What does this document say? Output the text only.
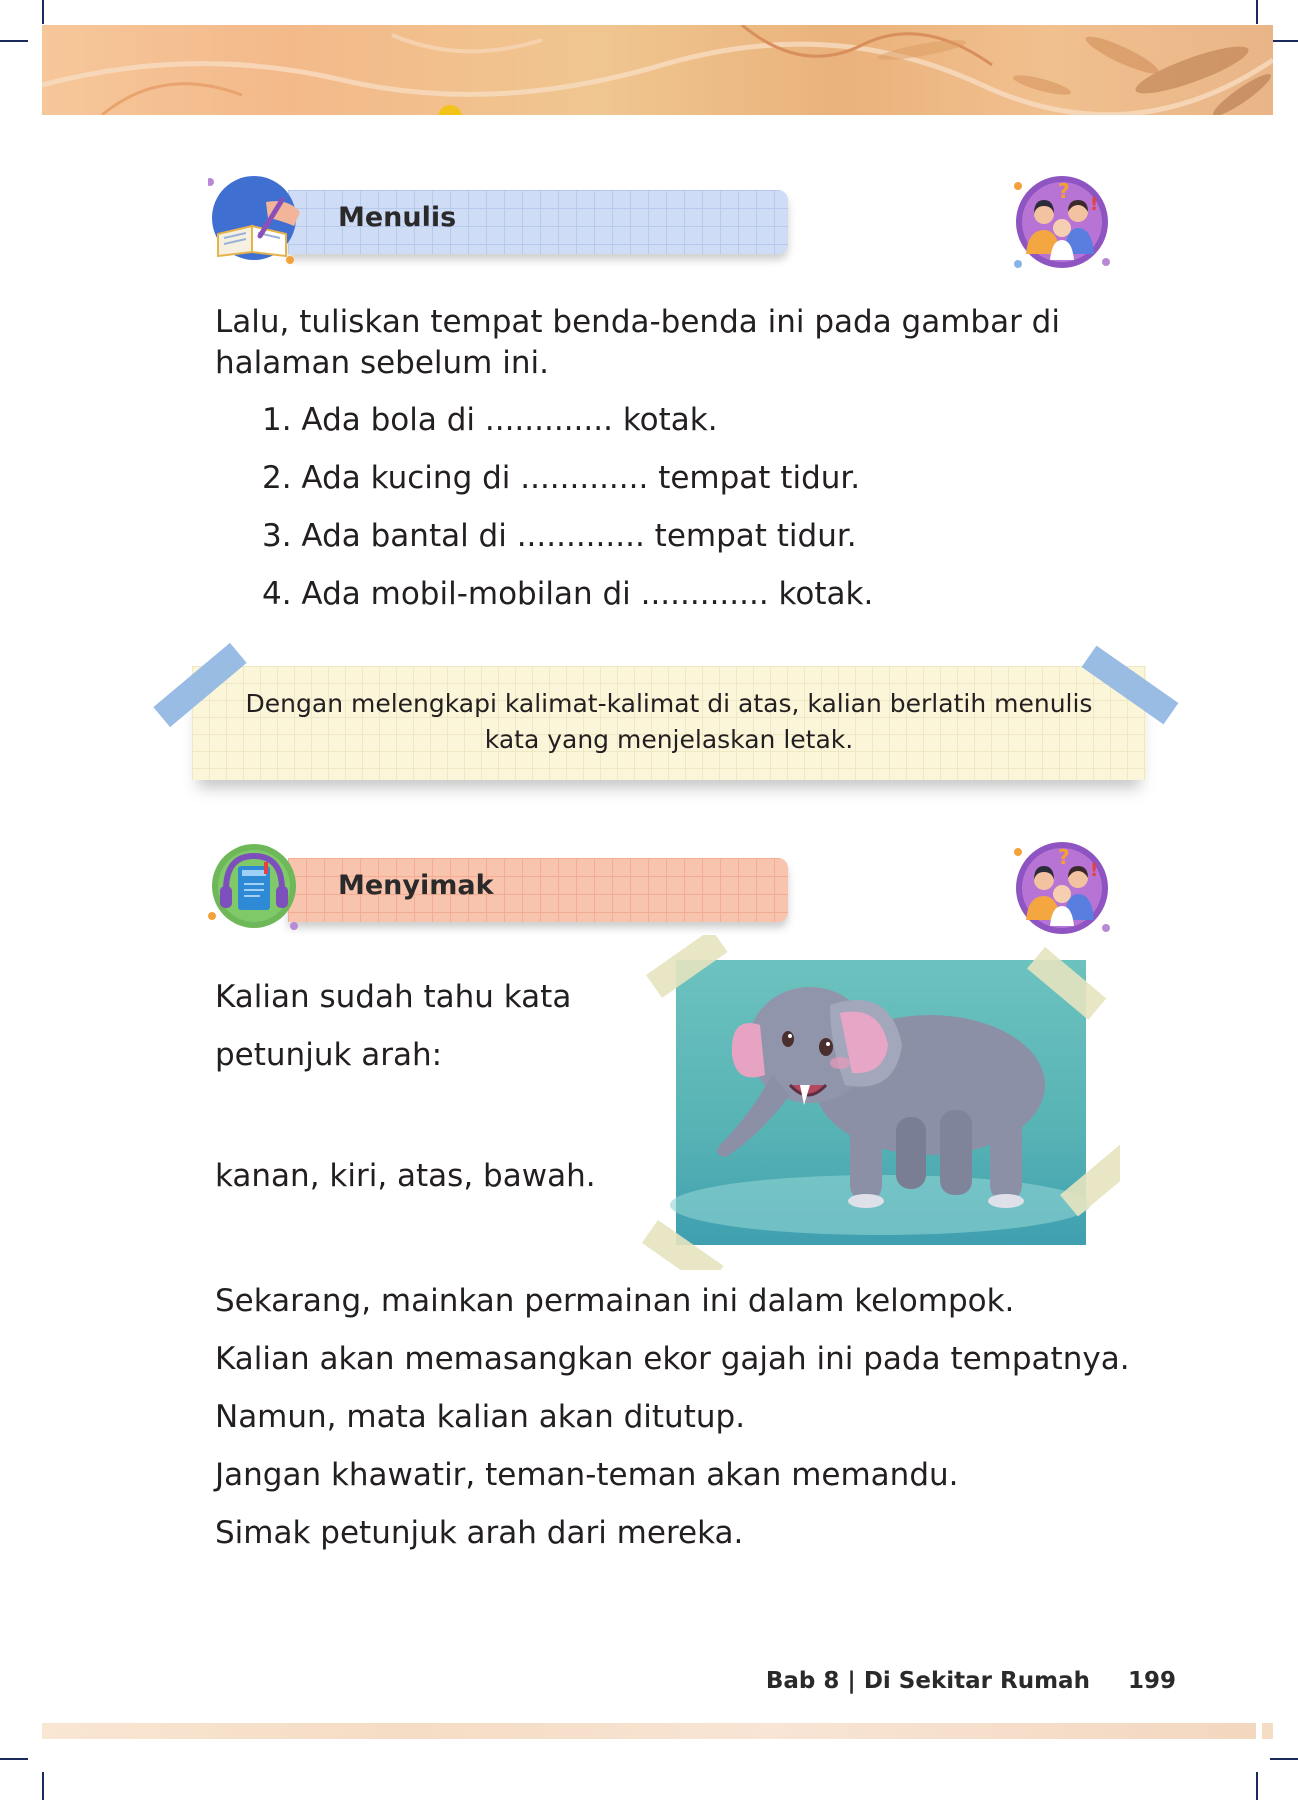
Menulis
?
!
Lalu, tuliskan tempat benda-benda ini pada gambar di halaman sebelum ini.
1. Ada bola di ............. kotak.
2. Ada kucing di ............. tempat tidur.
3. Ada bantal di ............. tempat tidur.
4. Ada mobil-mobilan di ............. kotak.
Dengan melengkapi kalimat-kalimat di atas, kalian berlatih menulis
kata yang menjelaskan letak.
Menyimak
?
!
Kalian sudah tahu kata
petunjuk arah:
kanan, kiri, atas, bawah.
Sekarang, mainkan permainan ini dalam kelompok.
Kalian akan memasangkan ekor gajah ini pada tempatnya.
Namun, mata kalian akan ditutup.
Jangan khawatir, teman-teman akan memandu.
Simak petunjuk arah dari mereka.
Bab 8 | Di Sekitar Rumah 199
